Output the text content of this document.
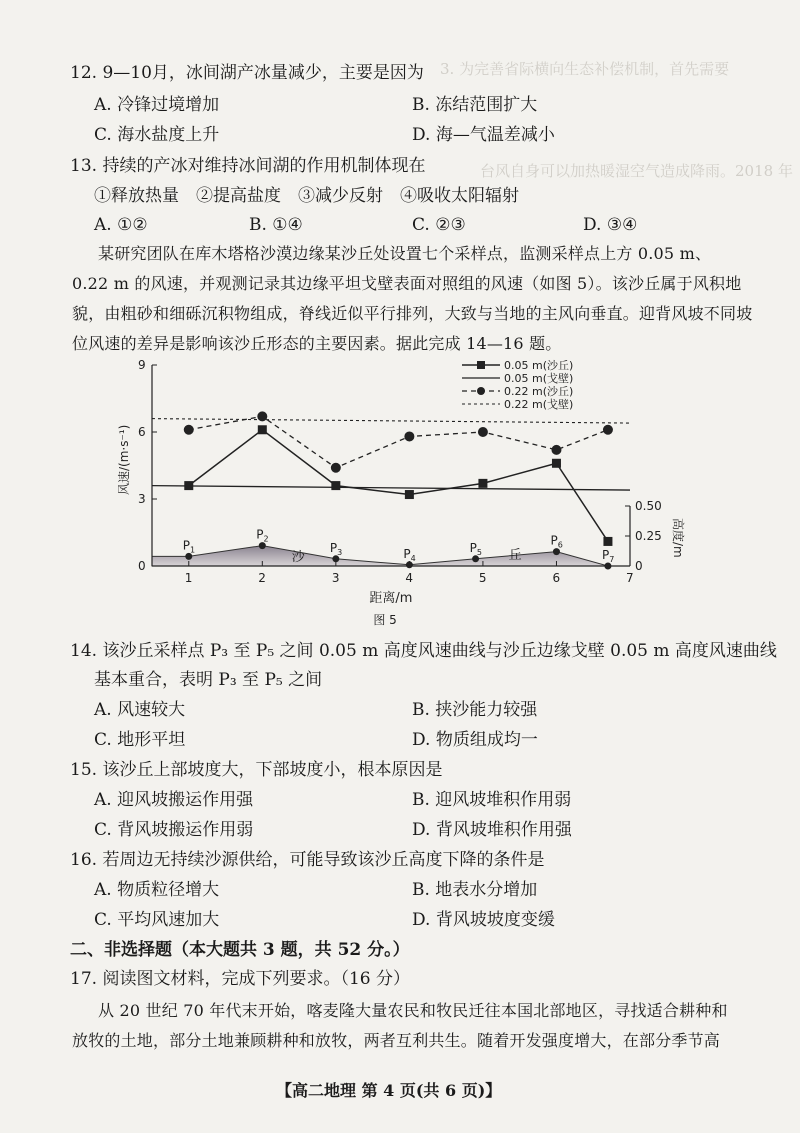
3. 为完善省际横向生态补偿机制，首先需要
台风自身可以加热暖湿空气造成降雨。2018 年
12. 9—10月，冰间湖产冰量减少，主要是因为
A. 冷锋过境增加	B. 冻结范围扩大
C. 海水盐度上升	D. 海—气温差减小
13. 持续的产冰对维持冰间湖的作用机制体现在
①释放热量　②提高盐度　③减少反射　④吸收太阳辐射
A. ①②	B. ①④	C. ②③	D. ③④
某研究团队在库木塔格沙漠边缘某沙丘处设置七个采样点，监测采样点上方 0.05 m、
0.22 m 的风速，并观测记录其边缘平坦戈壁表面对照组的风速（如图 5）。该沙丘属于风积地
貌，由粗砂和细砾沉积物组成，脊线近似平行排列，大致与当地的主风向垂直。迎背风坡不同坡
位风速的差异是影响该沙丘形态的主要因素。据此完成 14—16 题。
0
3
6
9
1	2	3	4	5	6	7
0
0.25
0.50
风速/(m·s⁻¹)
高度/m
距离/m
图 5
0.05 m(沙丘)
0.05 m(戈壁)
0.22 m(沙丘)
0.22 m(戈壁)
$P_1$
$P_2$
$P_3$	$P_4$
$P_5$
$P_6$
$P_7$
沙	丘
14. 该沙丘采样点 P₃ 至 P₅ 之间 0.05 m 高度风速曲线与沙丘边缘戈壁 0.05 m 高度风速曲线
基本重合，表明 P₃ 至 P₅ 之间
A. 风速较大	B. 挟沙能力较强
C. 地形平坦	D. 物质组成均一
15. 该沙丘上部坡度大，下部坡度小，根本原因是
A. 迎风坡搬运作用强	B. 迎风坡堆积作用弱
C. 背风坡搬运作用弱	D. 背风坡堆积作用强
16. 若周边无持续沙源供给，可能导致该沙丘高度下降的条件是
A. 物质粒径增大	B. 地表水分增加
C. 平均风速加大	D. 背风坡坡度变缓
二、非选择题（本大题共 3 题，共 52 分。）
17. 阅读图文材料，完成下列要求。（16 分）
从 20 世纪 70 年代末开始，喀麦隆大量农民和牧民迁往本国北部地区，寻找适合耕种和
放牧的土地，部分土地兼顾耕种和放牧，两者互利共生。随着开发强度增大，在部分季节高
【高二地理 第 4 页(共 6 页)】
